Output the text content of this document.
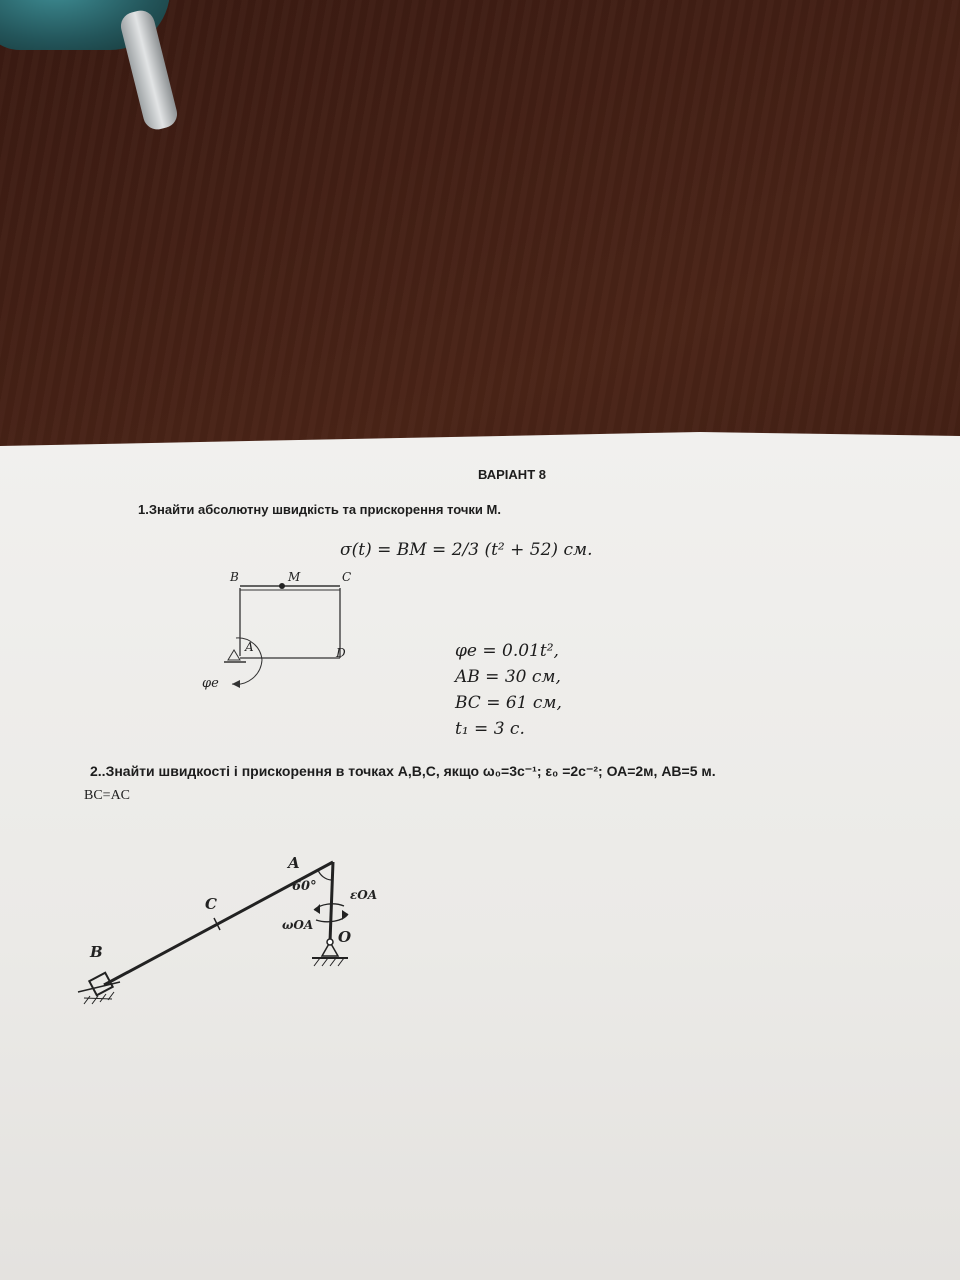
ВАРІАНТ 8
1.Знайти абсолютну швидкість та прискорення точки М.
σ(t) = BM = 2/3 (t² + 52) см.
φe = 0.01t²,
AB = 30 см,
BC = 61 см,
t₁ = 3 с.
2..Знайти швидкості і прискорення в точках А,В,С, якщо ω₀=3с⁻¹; ε₀ =2с⁻²; ОА=2м, АВ=5 м.
BC=AC
B	M	C
A	D
φe
A
C
B
O
60°
ωOA
εOA
